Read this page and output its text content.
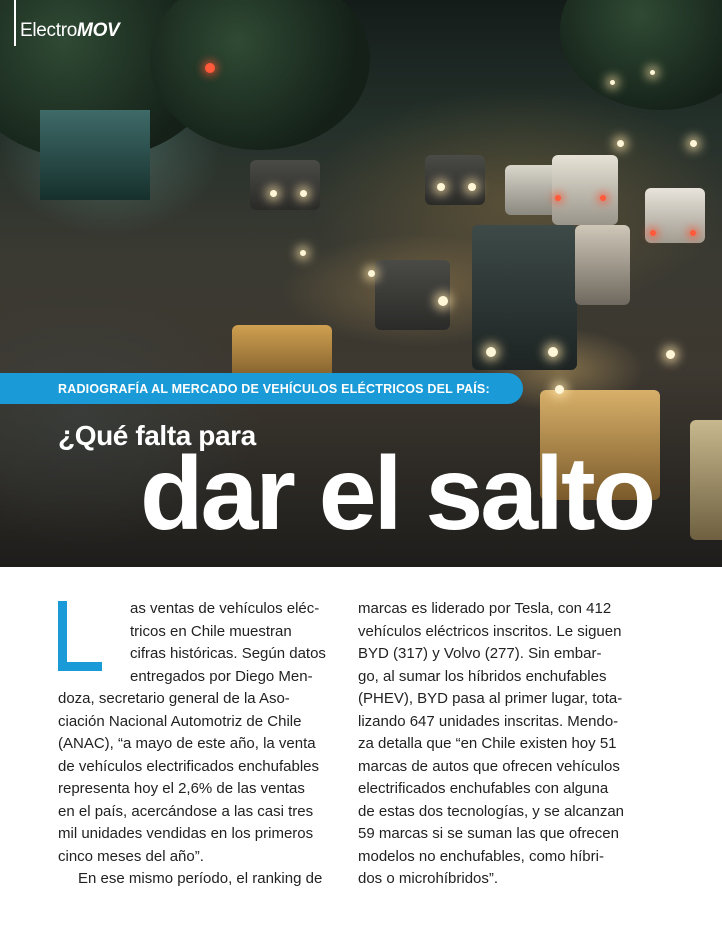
ElectroMOV
RADIOGRAFÍA AL MERCADO DE VEHÍCULOS ELÉCTRICOS DEL PAÍS:
¿Qué falta para
dar el salto
as ventas de vehículos eléc-
tricos en Chile muestran
cifras históricas. Según datos
entregados por Diego Men-
doza, secretario general de la Aso-
ciación Nacional Automotriz de Chile
(ANAC), “a mayo de este año, la venta
de vehículos electrificados enchufables
representa hoy el 2,6% de las ventas
en el país, acercándose a las casi tres
mil unidades vendidas en los primeros
cinco meses del año”.
En ese mismo período, el ranking de
marcas es liderado por Tesla, con 412
vehículos eléctricos inscritos. Le siguen
BYD (317) y Volvo (277). Sin embar-
go, al sumar los híbridos enchufables
(PHEV), BYD pasa al primer lugar, tota-
lizando 647 unidades inscritas. Mendo-
za detalla que “en Chile existen hoy 51
marcas de autos que ofrecen vehículos
electrificados enchufables con alguna
de estas dos tecnologías, y se alcanzan
59 marcas si se suman las que ofrecen
modelos no enchufables, como híbri-
dos o microhíbridos”.
